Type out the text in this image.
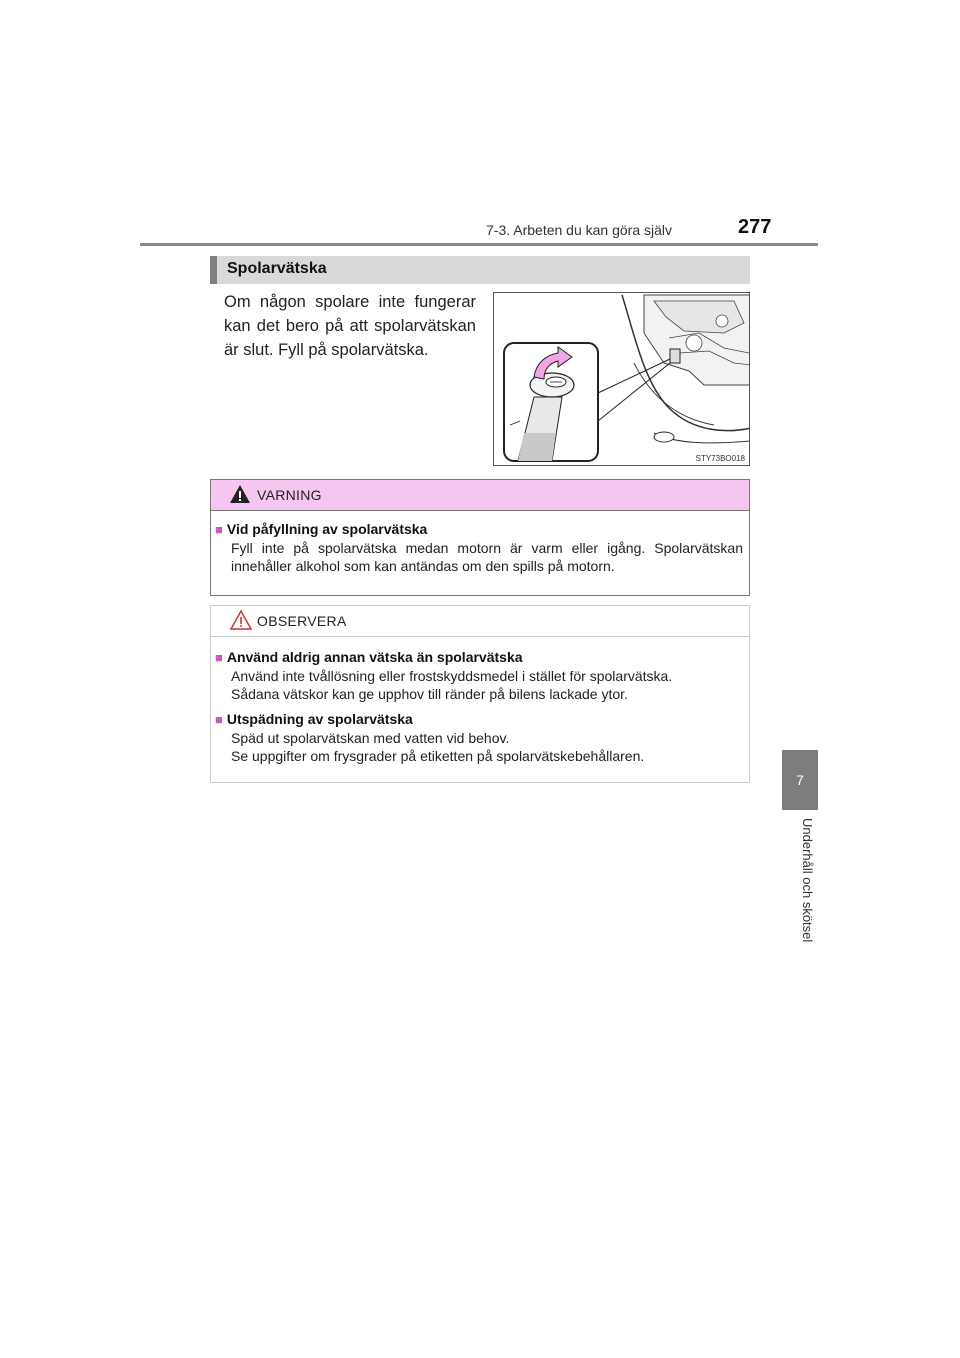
7-3. Arbeten du kan göra själv	277
7
Underhåll och skötsel
Spolarvätska
Om någon spolare inte fungerar kan det bero på att spolarvätskan är slut. Fyll på spolarvätska.
STY73BO018
VARNING
■ Vid påfyllning av spolarvätska
Fyll inte på spolarvätska medan motorn är varm eller igång. Spolarvätskan innehåller alkohol som kan antändas om den spills på motorn.
OBSERVERA
■ Använd aldrig annan vätska än spolarvätska
Använd inte tvållösning eller frostskyddsmedel i stället för spolarvätska.
Sådana vätskor kan ge upphov till ränder på bilens lackade ytor.
■ Utspädning av spolarvätska
Späd ut spolarvätskan med vatten vid behov.
Se uppgifter om frysgrader på etiketten på spolarvätskebehållaren.
